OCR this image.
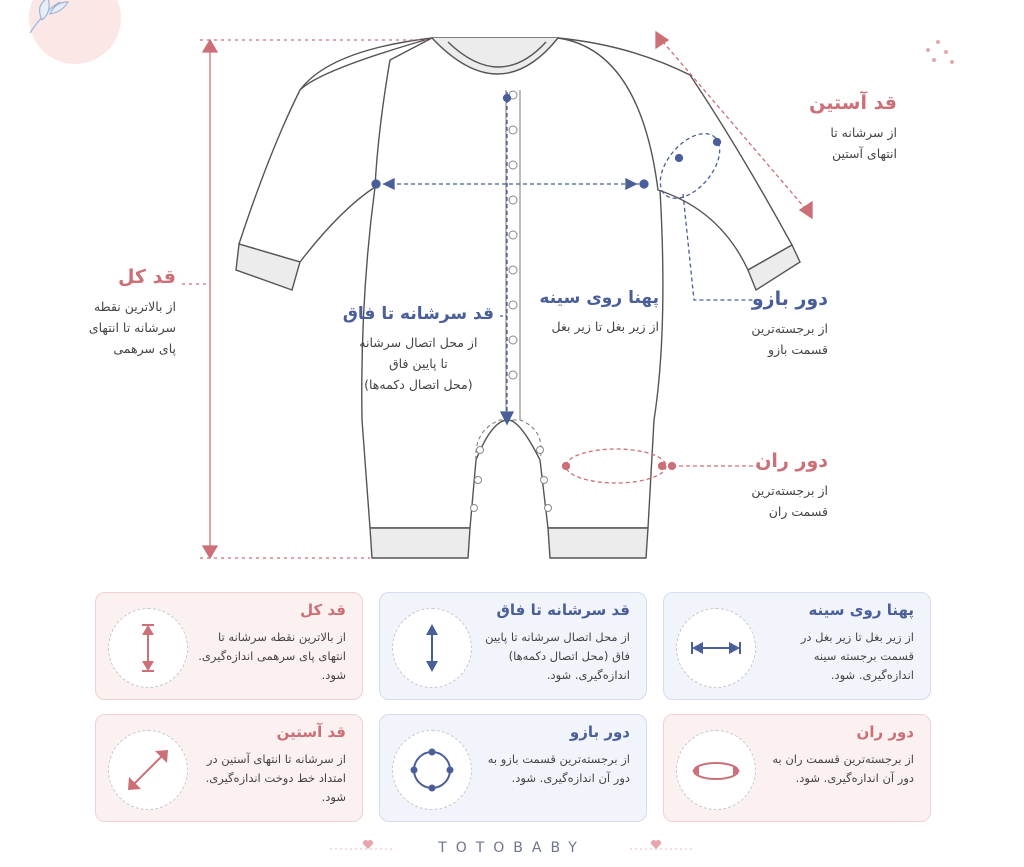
قد کل

از بالاترین نقطه

سرشانه تا انتهای

پای سرهمی

قد سرشانه تا فاق

از محل اتصال سرشانه

تا پایین فاق

(محل اتصال دکمه‌ها)

پهنا روی سینه

از زیر بغل تا زیر بغل

قد آستین

از سرشانه تا

انتهای آستین

دور بازو

از برجسته‌ترین

قسمت بازو

دور ران

از برجسته‌ترین

قسمت ران

قد کل

از بالاترین نقطه سرشانه تا انتهای پای سرهمی اندازه‌گیری. شود.

قد سرشانه تا فاق

از محل اتصال سرشانه تا پایین فاق (محل اتصال دکمه‌ها) اندازه‌گیری. شود.

پهنا روی سینه

از زیر بغل تا زیر بغل در قسمت برجسته سینه اندازه‌گیری. شود.

قد آستین

از سرشانه تا انتهای آستین در امتداد خط دوخت اندازه‌گیری. شود.

دور بازو

از برجسته‌ترین قسمت بازو به دور آن اندازه‌گیری. شود.

دور ران

از برجسته‌ترین قسمت ران به دور آن اندازه‌گیری. شود.

TOTOBABY
